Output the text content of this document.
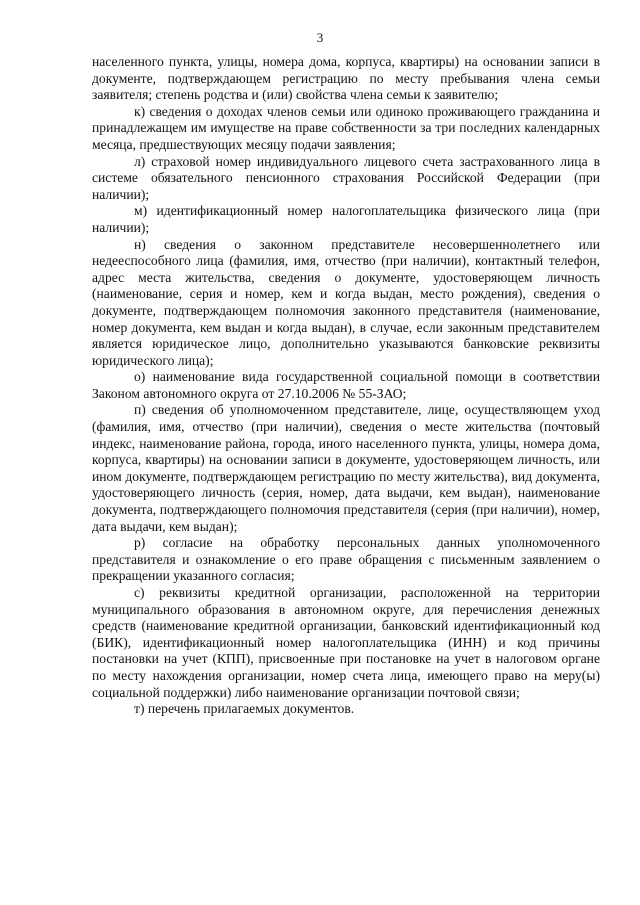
3

населенного пункта, улицы, номера дома, корпуса, квартиры) на основании записи в документе, подтверждающем регистрацию по месту пребывания члена семьи заявителя; степень родства и (или) свойства члена семьи к заявителю;

к) сведения о доходах членов семьи или одиноко проживающего гражданина и принадлежащем им имуществе на праве собственности за три последних календарных месяца, предшествующих месяцу подачи заявления;

л) страховой номер индивидуального лицевого счета застрахованного лица в системе обязательного пенсионного страхования Российской Федерации (при наличии);

м) идентификационный номер налогоплательщика физического лица (при наличии);

н) сведения о законном представителе несовершеннолетнего или недееспособного лица (фамилия, имя, отчество (при наличии), контактный телефон, адрес места жительства, сведения о документе, удостоверяющем личность (наименование, серия и номер, кем и когда выдан, место рождения), сведения о документе, подтверждающем полномочия законного представителя (наименование, номер документа, кем выдан и когда выдан), в случае, если законным представителем является юридическое лицо, дополнительно указываются банковские реквизиты юридического лица);

о) наименование вида государственной социальной помощи в соответствии Законом автономного округа от 27.10.2006 № 55-ЗАО;

п) сведения об уполномоченном представителе, лице, осуществляющем уход (фамилия, имя, отчество (при наличии), сведения о месте жительства (почтовый индекс, наименование района, города, иного населенного пункта, улицы, номера дома, корпуса, квартиры) на основании записи в документе, удостоверяющем личность, или ином документе, подтверждающем регистрацию по месту жительства), вид документа, удостоверяющего личность (серия, номер, дата выдачи, кем выдан), наименование документа, подтверждающего полномочия представителя (серия (при наличии), номер, дата выдачи, кем выдан);

р) согласие на обработку персональных данных уполномоченного представителя и ознакомление о его праве обращения с письменным заявлением о прекращении указанного согласия;

с) реквизиты кредитной организации, расположенной на территории муниципального образования в автономном округе, для перечисления денежных средств (наименование кредитной организации, банковский идентификационный код (БИК), идентификационный номер налогоплательщика (ИНН) и код причины постановки на учет (КПП), присвоенные при постановке на учет в налоговом органе по месту нахождения организации, номер счета лица, имеющего право на меру(ы) социальной поддержки) либо наименование организации почтовой связи;

т) перечень прилагаемых документов.
